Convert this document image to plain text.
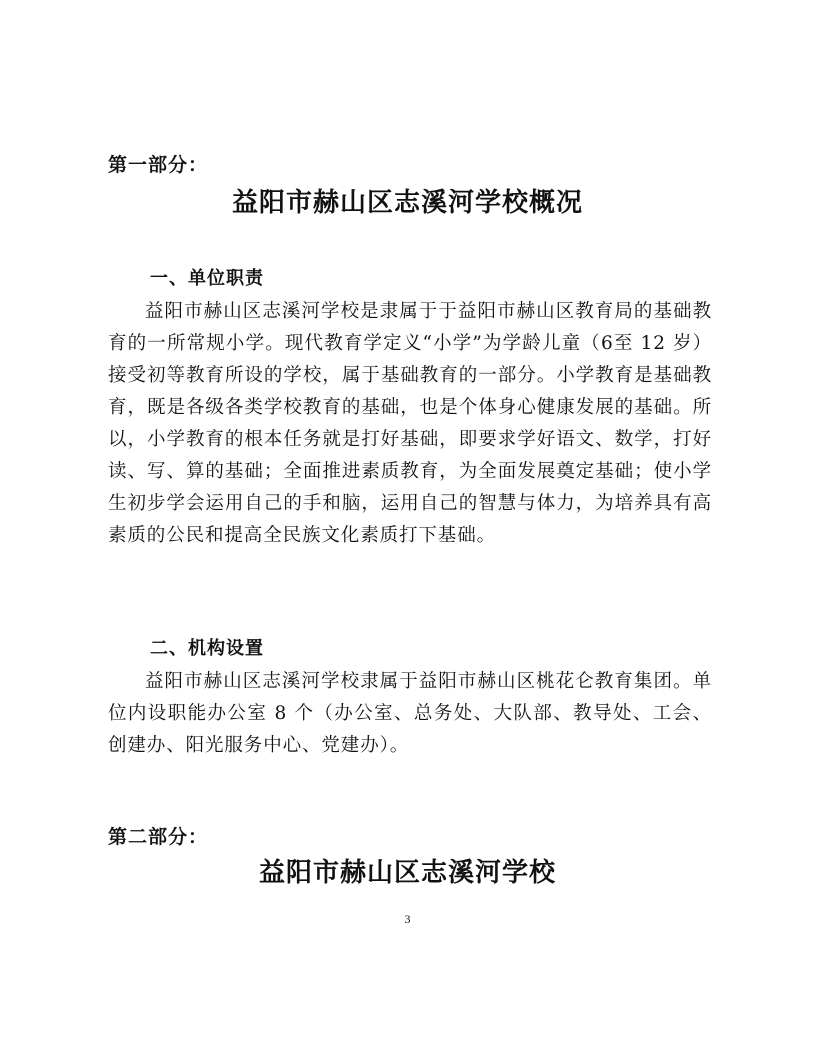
第一部分：
益阳市赫山区志溪河学校概况
一、单位职责
益阳市赫山区志溪河学校是隶属于于益阳市赫山区教育局的基础教育的一所常规小学。现代教育学定义“小学”为学龄儿童（6至 12 岁）接受初等教育所设的学校，属于基础教育的一部分。小学教育是基础教育，既是各级各类学校教育的基础，也是个体身心健康发展的基础。所以，小学教育的根本任务就是打好基础，即要求学好语文、数学，打好读、写、算的基础；全面推进素质教育，为全面发展奠定基础；使小学生初步学会运用自己的手和脑，运用自己的智慧与体力，为培养具有高素质的公民和提高全民族文化素质打下基础。
二、机构设置
益阳市赫山区志溪河学校隶属于益阳市赫山区桃花仑教育集团。单位内设职能办公室 8 个（办公室、总务处、大队部、教导处、工会、创建办、阳光服务中心、党建办）。
第二部分：
益阳市赫山区志溪河学校
3
